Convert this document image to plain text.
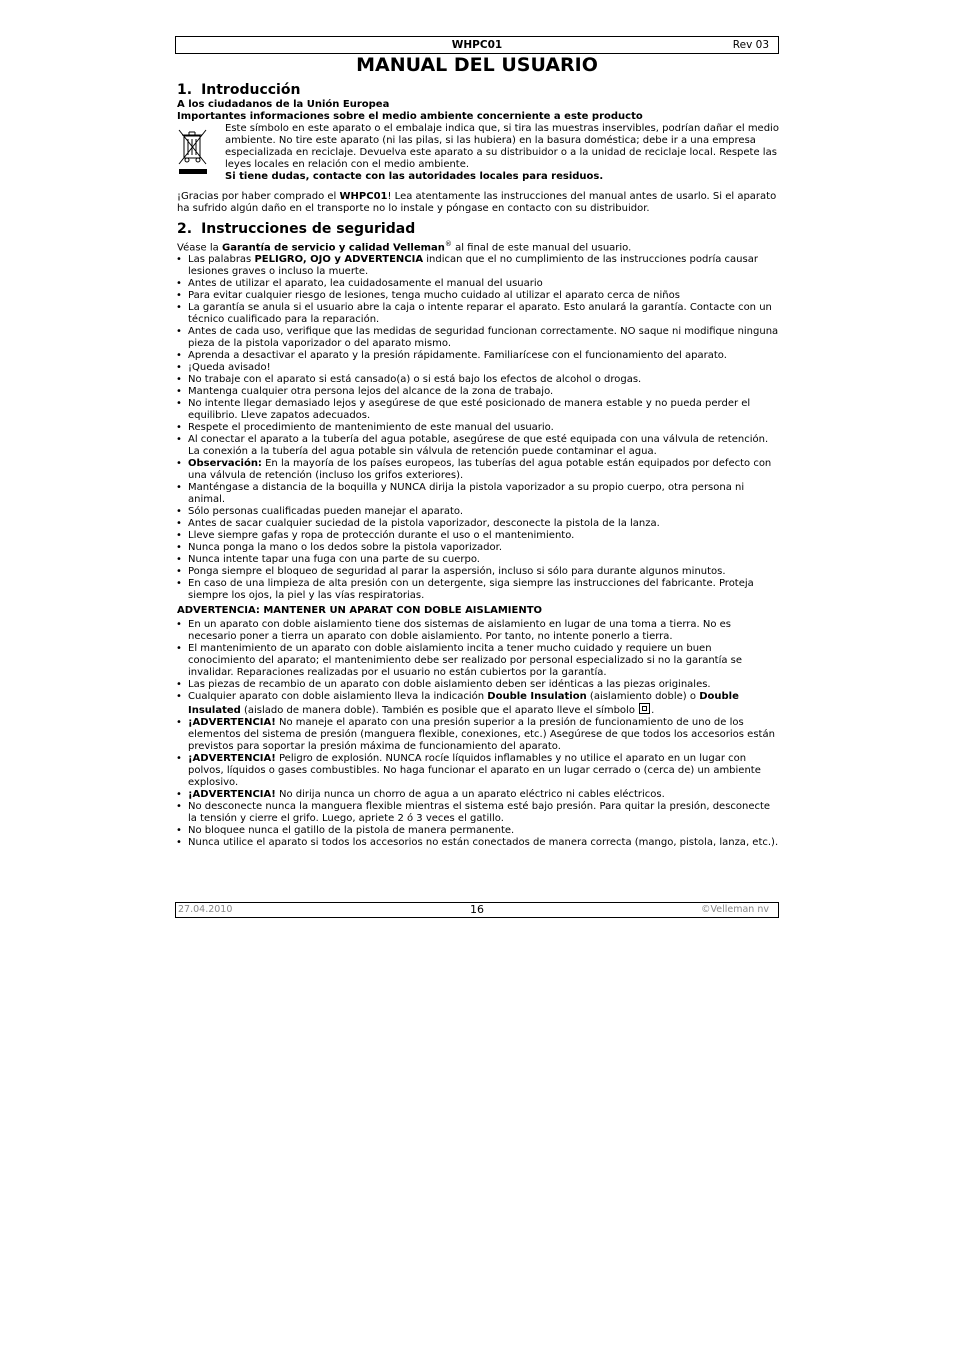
WHPC01	Rev 03
MANUAL DEL USUARIO
1. Introducción
A los ciudadanos de la Unión Europea
Importantes informaciones sobre el medio ambiente concerniente a este producto
Este símbolo en este aparato o el embalaje indica que, si tira las muestras inservibles, podrían dañar el medio ambiente. No tire este aparato (ni las pilas, si las hubiera) en la basura doméstica; debe ir a una empresa especializada en reciclaje. Devuelva este aparato a su distribuidor o a la unidad de reciclaje local. Respete las leyes locales en relación con el medio ambiente.
Si tiene dudas, contacte con las autoridades locales para residuos.
¡Gracias por haber comprado el WHPC01! Lea atentamente las instrucciones del manual antes de usarlo. Si el aparato ha sufrido algún daño en el transporte no lo instale y póngase en contacto con su distribuidor.
2. Instrucciones de seguridad
Véase la Garantía de servicio y calidad Velleman® al final de este manual del usuario.
• Las palabras PELIGRO, OJO y ADVERTENCIA indican que el no cumplimiento de las instrucciones podría causar lesiones graves o incluso la muerte.
• Antes de utilizar el aparato, lea cuidadosamente el manual del usuario
• Para evitar cualquier riesgo de lesiones, tenga mucho cuidado al utilizar el aparato cerca de niños
• La garantía se anula si el usuario abre la caja o intente reparar el aparato. Esto anulará la garantía. Contacte con un técnico cualificado para la reparación.
• Antes de cada uso, verifique que las medidas de seguridad funcionan correctamente. NO saque ni modifique ninguna pieza de la pistola vaporizador o del aparato mismo.
• Aprenda a desactivar el aparato y la presión rápidamente. Familiarícese con el funcionamiento del aparato.
• ¡Queda avisado!
• No trabaje con el aparato si está cansado(a) o si está bajo los efectos de alcohol o drogas.
• Mantenga cualquier otra persona lejos del alcance de la zona de trabajo.
• No intente llegar demasiado lejos y asegúrese de que esté posicionado de manera estable y no pueda perder el equilibrio. Lleve zapatos adecuados.
• Respete el procedimiento de mantenimiento de este manual del usuario.
• Al conectar el aparato a la tubería del agua potable, asegúrese de que esté equipada con una válvula de retención. La conexión a la tubería del agua potable sin válvula de retención puede contaminar el agua.
• Observación: En la mayoría de los países europeos, las tuberías del agua potable están equipados por defecto con una válvula de retención (incluso los grifos exteriores).
• Manténgase a distancia de la boquilla y NUNCA dirija la pistola vaporizador a su propio cuerpo, otra persona ni animal.
• Sólo personas cualificadas pueden manejar el aparato.
• Antes de sacar cualquier suciedad de la pistola vaporizador, desconecte la pistola de la lanza.
• Lleve siempre gafas y ropa de protección durante el uso o el mantenimiento.
• Nunca ponga la mano o los dedos sobre la pistola vaporizador.
• Nunca intente tapar una fuga con una parte de su cuerpo.
• Ponga siempre el bloqueo de seguridad al parar la aspersión, incluso si sólo para durante algunos minutos.
• En caso de una limpieza de alta presión con un detergente, siga siempre las instrucciones del fabricante. Proteja siempre los ojos, la piel y las vías respiratorias.
ADVERTENCIA: MANTENER UN APARAT CON DOBLE AISLAMIENTO
• En un aparato con doble aislamiento tiene dos sistemas de aislamiento en lugar de una toma a tierra. No es necesario poner a tierra un aparato con doble aislamiento. Por tanto, no intente ponerlo a tierra.
• El mantenimiento de un aparato con doble aislamiento incita a tener mucho cuidado y requiere un buen conocimiento del aparato; el mantenimiento debe ser realizado por personal especializado si no la garantía se invalidar. Reparaciones realizadas por el usuario no están cubiertos por la garantía.
• Las piezas de recambio de un aparato con doble aislamiento deben ser idénticas a las piezas originales.
• Cualquier aparato con doble aislamiento lleva la indicación Double Insulation (aislamiento doble) o Double Insulated (aislado de manera doble). También es posible que el aparato lleve el símbolo .
• ¡ADVERTENCIA! No maneje el aparato con una presión superior a la presión de funcionamiento de uno de los elementos del sistema de presión (manguera flexible, conexiones, etc.) Asegúrese de que todos los accesorios están previstos para soportar la presión máxima de funcionamiento del aparato.
• ¡ADVERTENCIA! Peligro de explosión. NUNCA rocíe líquidos inflamables y no utilice el aparato en un lugar con polvos, líquidos o gases combustibles. No haga funcionar el aparato en un lugar cerrado o (cerca de) un ambiente explosivo.
• ¡ADVERTENCIA! No dirija nunca un chorro de agua a un aparato eléctrico ni cables eléctricos.
• No desconecte nunca la manguera flexible mientras el sistema esté bajo presión. Para quitar la presión, desconecte la tensión y cierre el grifo. Luego, apriete 2 ó 3 veces el gatillo.
• No bloquee nunca el gatillo de la pistola de manera permanente.
• Nunca utilice el aparato si todos los accesorios no están conectados de manera correcta (mango, pistola, lanza, etc.).
27.04.2010	16	©Velleman nv
